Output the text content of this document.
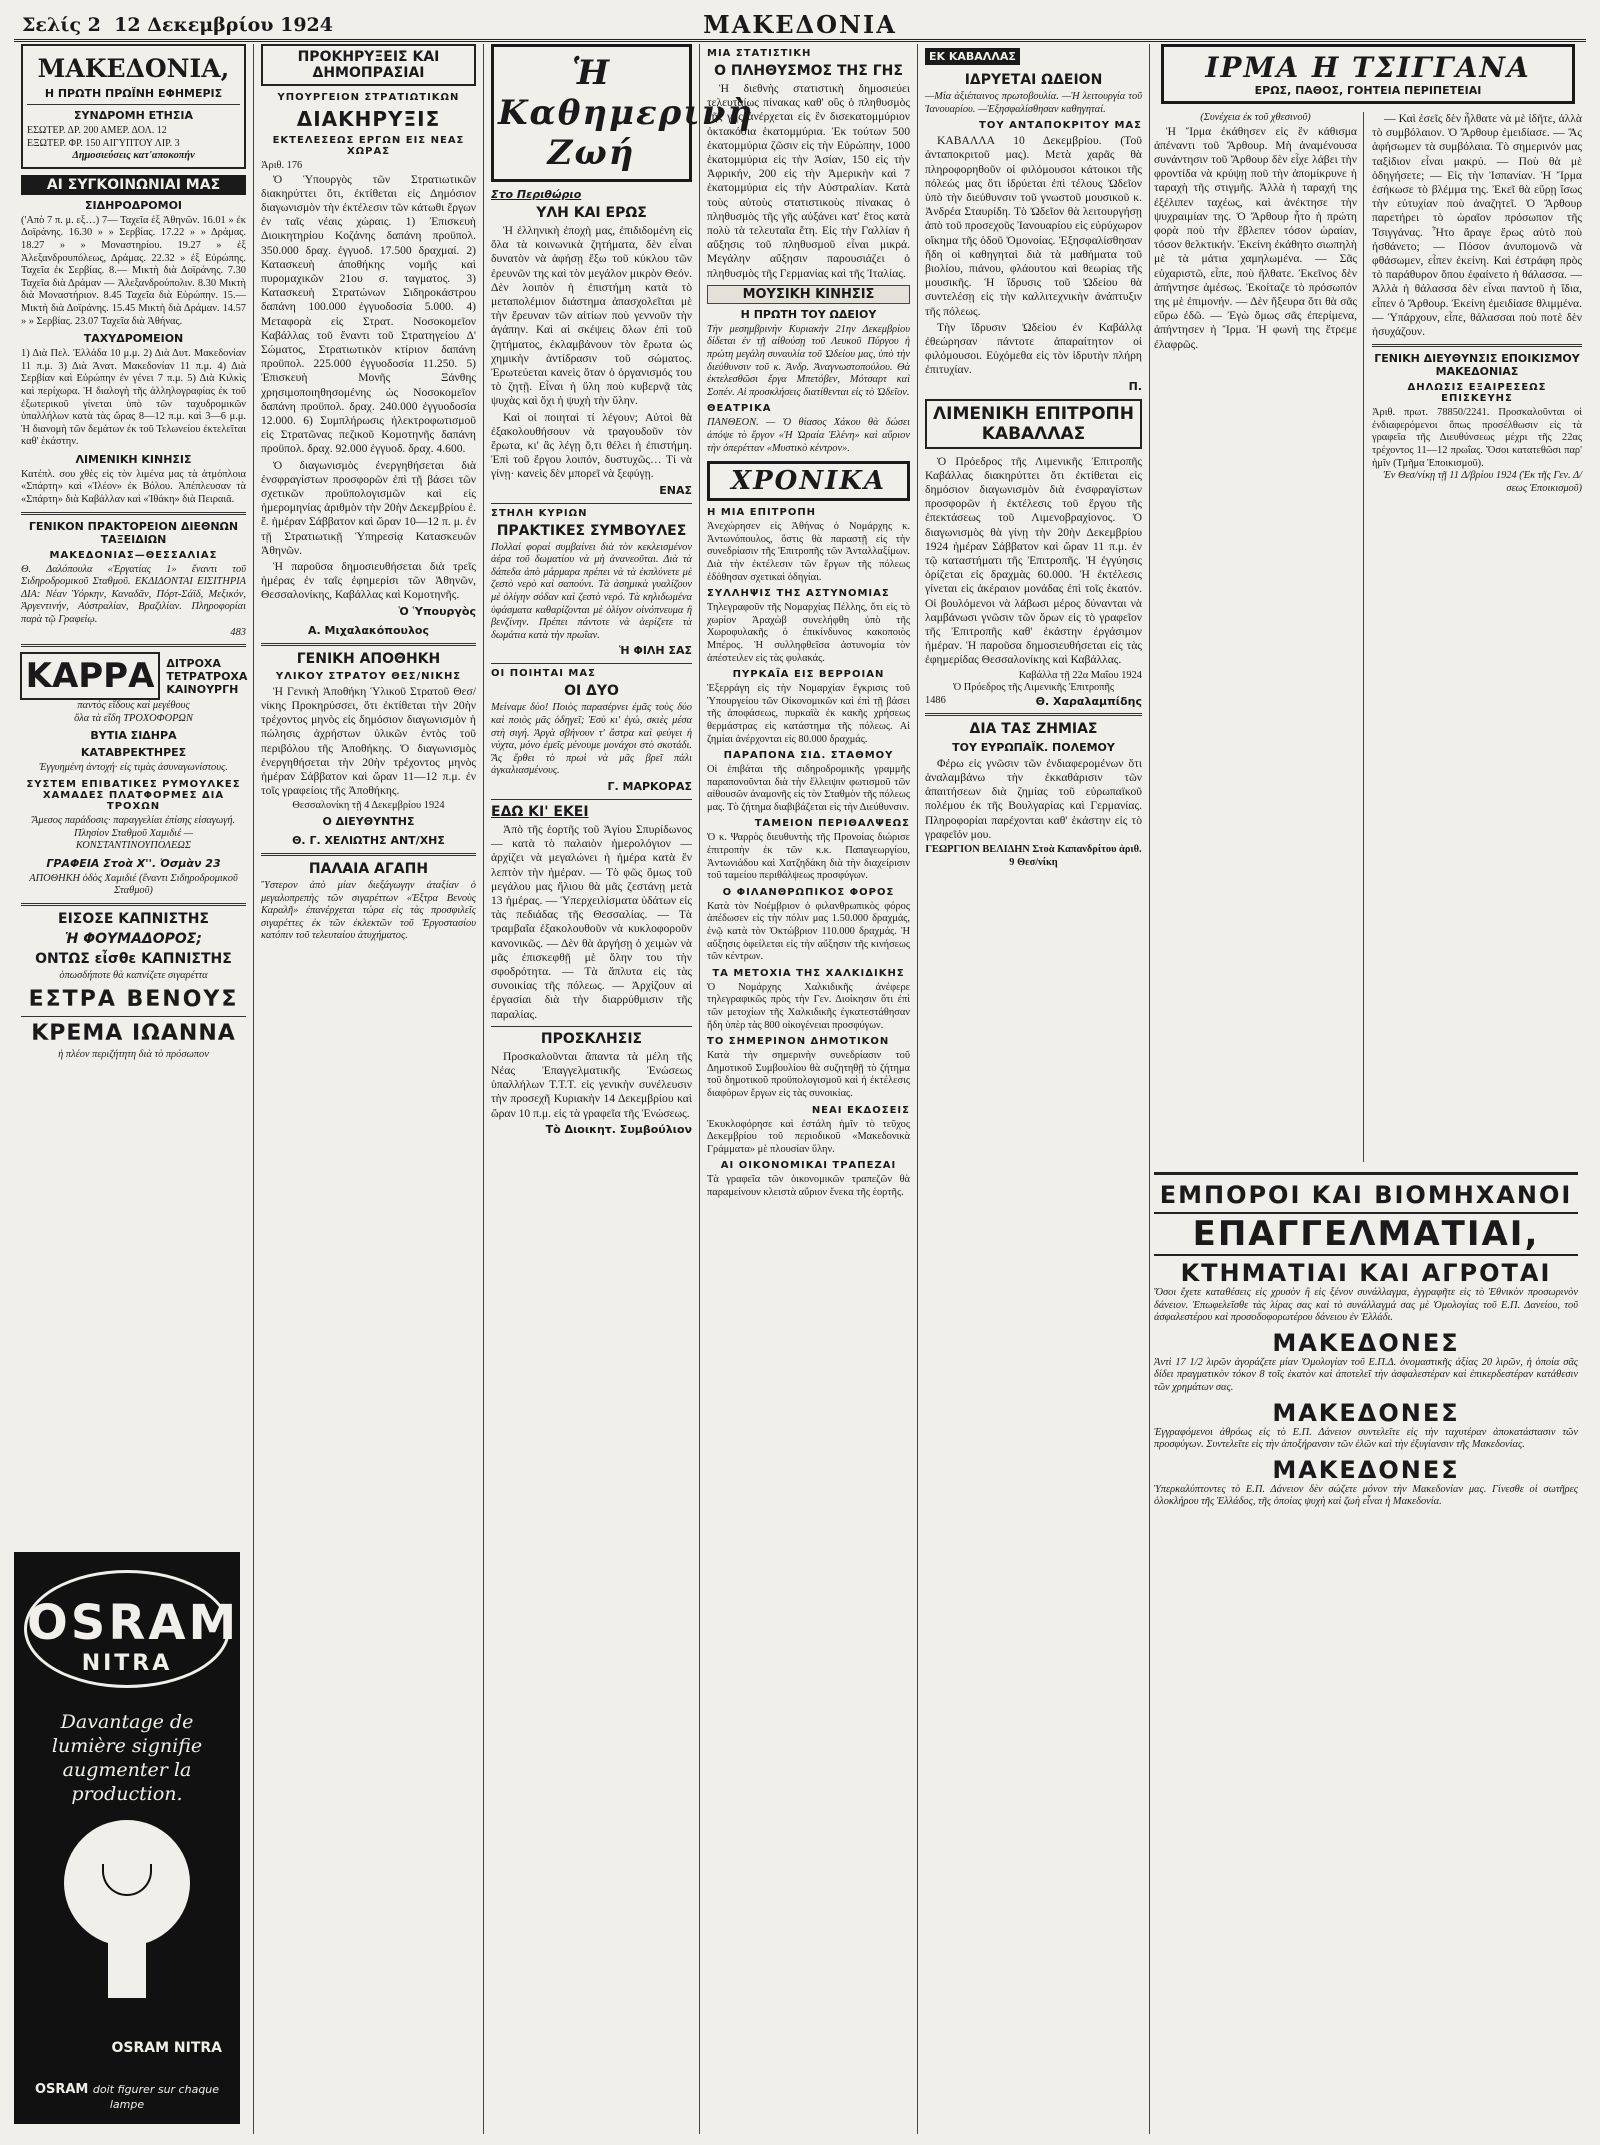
Σελίς 2 12 Δεκεμβρίου 1924	ΜΑΚΕΔΟΝΙΑ
ΜΑΚΕΔΟΝΙΑ,
Η ΠΡΩΤΗ ΠΡΩΪΝΗ ΕΦΗΜΕΡΙΣ
ΣΥΝΔΡΟΜΗ ΕΤΗΣΙΑ
ΕΣΩΤΕΡ. ΔΡ. 200 ΑΜΕΡ. ΔΟΛ. 12
ΕΞΩΤΕΡ. ΦΡ. 150 ΑΙΓΥΠΤΟΥ ΛΙΡ. 3
Δημοσιεύσεις κατ'αποκοπήν
ΑΙ ΣΥΓΚΟΙΝΩΝΙΑΙ ΜΑΣ
ΣΙΔΗΡΟΔΡΟΜΟΙ
('Απὸ 7 π. μ. εξ…) 7— Ταχεῖα ἐξ Ἀθηνῶν. 16.01 » ἐκ Δοϊράνης. 16.30 » » Σερβίας. 17.22 » » Δράμας. 18.27 » » Μοναστηρίου. 19.27 » ἐξ Ἀλεξανδρουπόλεως, Δράμας. 22.32 » ἐξ Εὐρώπης. Ταχεῖα ἐκ Σερβίας. 8.— Μικτὴ διὰ Δοϊράνης. 7.30 Ταχεῖα διὰ Δράμαν — Ἀλεξανδρούπολιν. 8.30 Μικτὴ διὰ Μοναστήριον. 8.45 Ταχεῖα διὰ Εὐρώπην. 15.— Μικτὴ διὰ Δοϊράνης. 15.45 Μικτὴ διὰ Δράμαν. 14.57 » » Σερβίας. 23.07 Ταχεῖα διὰ Ἀθήνας.
ΤΑΧΥΔΡΟΜΕΙΟΝ
1) Διὰ Πελ. Ἑλλάδα 10 μ.μ. 2) Διὰ Δυτ. Μακεδονίαν 11 π.μ. 3) Διὰ Ἀνατ. Μακεδονίαν 11 π.μ. 4) Διὰ Σερβίαν καὶ Εὐρώπην ἐν γένει 7 π.μ. 5) Διὰ Κιλκὶς καὶ περίχωρα. Ἡ διαλογὴ τῆς ἀλληλογραφίας ἐκ τοῦ ἐξωτερικοῦ γίνεται ὑπὸ τῶν ταχυδρομικῶν ὑπαλλήλων κατὰ τὰς ὥρας 8—12 π.μ. καὶ 3—6 μ.μ. Ἡ διανομὴ τῶν δεμάτων ἐκ τοῦ Τελωνείου ἐκτελεῖται καθ' ἑκάστην.
ΛΙΜΕΝΙΚΗ ΚΙΝΗΣΙΣ
Κατέπλ. σου χθὲς εἰς τὸν λιμένα μας τὰ ἀτμόπλοια «Σπάρτη» καὶ «Ἰλέον» ἐκ Βόλου. Ἀπέπλευσαν τὰ «Σπάρτη» διὰ Καβάλλαν καὶ «Ἰθάκη» διὰ Πειραιᾶ.
ΓΕΝΙΚΟΝ ΠΡΑΚΤΟΡΕΙΟΝ ΔΙΕΘΝΩΝ ΤΑΞΕΙΔΙΩΝ
ΜΑΚΕΔΟΝΙΑΣ—ΘΕΣΣΑΛΙΑΣ
Θ. Δαλόπουλα «Ἐργατίας 1» ἔναντι τοῦ Σιδηροδρομικοῦ Σταθμοῦ. ΕΚΔΙΔΟΝΤΑΙ ΕΙΣΙΤΗΡΙΑ ΔΙΑ: Νέαν Ὑόρκην, Καναδᾶν, Πόρτ-Σάϊδ, Μεξικόν, Ἀργεντινήν, Αὐστραλίαν, Βραζιλίαν. Πληροφορίαι παρὰ τῷ Γραφείῳ.
483
ΚΑΡΡΑ	ΔΙΤΡΟΧΑ
ΤΕΤΡΑΤΡΟΧΑ
ΚΑΙΝΟΥΡΓΗ
παντὸς εἴδους καὶ μεγέθους
ὅλα τὰ εἴδη ΤΡΟΧΟΦΟΡΩΝ
ΒΥΤΙΑ ΣΙΔΗΡΑ
ΚΑΤΑΒΡΕΚΤΗΡΕΣ
Ἐγγυημένη ἀντοχή· εἰς τιμὰς ἀσυναγωνίστους.
ΣΥΣΤΕΜ ΕΠΙΒΑΤΙΚΕΣ ΡΥΜΟΥΛΚΕΣ ΧΑΜΑΔΕΣ ΠΛΑΤΦΟΡΜΕΣ ΔΙΑ ΤΡΟΧΩΝ
Ἄμεσος παράδοσις· παραγγελίαι ἐπίσης εἰσαγωγή.
Πλησίον Σταθμοῦ Χαμιδιέ — ΚΟΝΣΤΑΝΤΙΝΟΥΠΟΛΕΩΣ
ΓΡΑΦΕΙΑ Στοὰ Χ''. Ὀσμὰν 23
ΑΠΟΘΗΚΗ ὁδὸς Χαμιδιέ (ἔναντι Σιδηροδρομικοῦ Σταθμοῦ)
ΕΙΣΟΣΕ ΚΑΠΝΙΣΤΗΣ
Ἡ ΦΟΥΜΑΔΟΡΟΣ;
ΟΝΤΩΣ εἶσθε ΚΑΠΝΙΣΤΗΣ
ὁπωσδήποτε θὰ καπνίζετε σιγαρέττα
ΕΣΤΡΑ ΒΕΝΟΥΣ
ΚΡΕΜΑ ΙΩΑΝΝΑ
ἡ πλέον περιζήτητη διὰ τὸ πρόσωπον
OSRAM
NITRA
Davantage de lumière signifie augmenter la production.
OSRAM NITRA
OSRAM doit figurer sur chaque lampe
ΠΡΟΚΗΡΥΞΕΙΣ ΚΑΙ ΔΗΜΟΠΡΑΣΙΑΙ
ΥΠΟΥΡΓΕΙΟΝ ΣΤΡΑΤΙΩΤΙΚΩΝ
ΔΙΑΚΗΡΥΞΙΣ
ΕΚΤΕΛΕΣΕΩΣ ΕΡΓΩΝ ΕΙΣ ΝΕΑΣ ΧΩΡΑΣ
Ἀριθ. 176

Ὁ Ὑπουργὸς τῶν Στρατιωτικῶν διακηρύττει ὅτι, ἐκτίθεται εἰς Δημόσιον διαγωνισμὸν τὴν ἐκτέλεσιν τῶν κάτωθι ἔργων ἐν ταῖς νέαις χώραις. 1) Ἐπισκευὴ Διοικητηρίου Κοζάνης δαπάνη προϋπολ. 350.000 δραχ. ἐγγυοδ. 17.500 δραχμαί. 2) Κατασκευὴ ἀποθήκης νομῆς καὶ πυρομαχικῶν 21ου σ. ταγματος. 3) Κατασκευὴ Στρατώνων Σιδηροκάστρου δαπάνη 100.000 ἐγγυοδοσία 5.000. 4) Μεταφορὰ εἰς Στρατ. Νοσοκομεῖον Καβάλλας τοῦ ἔναντι τοῦ Στρατηγείου Δ' Σώματος, Στρατιωτικὸν κτίριον δαπάνη προϋπολ. 225.000 ἐγγυοδοσία 11.250. 5) Ἐπισκευὴ Μονῆς Ξάνθης χρησιμοποιηθησομένης ὡς Νοσοκομεῖον δαπάνη προϋπολ. δραχ. 240.000 ἐγγυοδοσία 12.000. 6) Συμπλήρωσις ἠλεκτροφωτισμοῦ εἰς Στρατῶνας πεζικοῦ Κομοτηνῆς δαπάνη προϋπολ. δραχ. 92.000 ἐγγυοδ. δραχ. 4.600.

Ὁ διαγωνισμὸς ἐνεργηθήσεται διὰ ἐνσφραγίστων προσφορῶν ἐπὶ τῇ βάσει τῶν σχετικῶν προϋπολογισμῶν καὶ εἰς ἡμερομηνίας ἀριθμὸν τὴν 20ὴν Δεκεμβρίου ἐ. ἔ. ἡμέραν Σάββατον καὶ ὥραν 10—12 π. μ. ἐν τῇ Στρατιωτικῇ Ὑπηρεσίᾳ Κατασκευῶν Ἀθηνῶν.

Ἡ παροῦσα δημοσιευθήσεται διὰ τρεῖς ἡμέρας ἐν ταῖς ἐφημερίσι τῶν Ἀθηνῶν, Θεσσαλονίκης, Καβάλλας καὶ Κομοτηνῆς.

Ὁ Ὑπουργὸς
Α. Μιχαλακόπουλος
ΓΕΝΙΚΗ ΑΠΟΘΗΚΗ
ΥΛΙΚΟΥ ΣΤΡΑΤΟΥ ΘΕΣ/ΝΙΚΗΣ

Ἡ Γενικὴ Ἀποθήκη Ὑλικοῦ Στρατοῦ Θεσ/νίκης Προκηρύσσει, ὅτι ἐκτίθεται τὴν 20ὴν τρέχοντος μηνὸς εἰς δημόσιον διαγωνισμὸν ἡ πώλησις ἀχρήστων ὑλικῶν ἐντὸς τοῦ περιβόλου τῆς Ἀποθήκης. Ὁ διαγωνισμὸς ἐνεργηθήσεται τὴν 20ὴν τρέχοντος μηνὸς ἡμέραν Σάββατον καὶ ὥραν 11—12 π.μ. ἐν τοῖς γραφείοις τῆς Ἀποθήκης.

Θεσσαλονίκη τῇ 4 Δεκεμβρίου 1924
Ο ΔΙΕΥΘΥΝΤΗΣ
Θ. Γ. ΧΕΛΙΩΤΗΣ ΑΝΤ/ΧΗΣ
ΠΑΛΑΙΑ ΑΓΑΠΗ
Ὕστερον ἀπὸ μίαν διεξάγωγην ἀταξίαν ὁ μεγαλοπρεπὴς τῶν σιγαρέττων «Ἐξτρα Βενοὺς Καραλῆ» ἐπανέρχεται τώρα εἰς τὰς προσφιλεῖς σιγαρέττες ἐκ τῶν ἐκλεκτῶν τοῦ Ἐργοστασίου κατόπιν τοῦ τελευταίου ἀτυχήματος.
Ἡ Καθημερινὴ Ζωή
Στο Περιθώριο
ΥΛΗ ΚΑΙ ΕΡΩΣ

Ἡ ἐλληνικὴ ἐποχὴ μας, ἐπιδιδομένη εἰς ὅλα τὰ κοινωνικὰ ζητήματα, δὲν εἶναι δυνατὸν νὰ ἀφήσῃ ἔξω τοῦ κύκλου τῶν ἐρευνῶν της καὶ τὸν μεγάλον μικρὸν Θεόν. Δὲν λοιπὸν ἡ ἐπιστήμη κατὰ τὸ μεταπολέμιον διάστημα ἀπασχολεῖται μὲ τὴν ἔρευναν τῶν αἰτίων ποὺ γεννοῦν τὴν ἀγάπην. Καὶ αἱ σκέψεις ὅλων ἐπὶ τοῦ ζητήματος, ἐκλαμβάνουν τὸν ἔρωτα ὡς χημικὴν ἀντίδρασιν τοῦ σώματος. Ἐρωτεύεται κανεὶς ὅταν ὁ ὀργανισμός του τὸ ζητῇ. Εἶναι ἡ ὕλη ποὺ κυβερνᾷ τὰς ψυχὰς καὶ ὄχι ἡ ψυχὴ τὴν ὕλην.

Καὶ οἱ ποιηταὶ τί λέγουν; Αὐτοὶ θὰ ἐξακολουθήσουν νὰ τραγουδοῦν τὸν ἔρωτα, κι' ἂς λέγῃ ὅ,τι θέλει ἡ ἐπιστήμη. Ἐπὶ τοῦ ἔργου λοιπόν, δυστυχῶς… Τί νὰ γίνῃ· κανεὶς δὲν μπορεῖ νὰ ξεφύγῃ.

ΕΝΑΣ
ΣΤΗΛΗ ΚΥΡΙΩΝ
ΠΡΑΚΤΙΚΕΣ ΣΥΜΒΟΥΛΕΣ
Πολλαί φοραί συμβαίνει διὰ τὸν κεκλεισμένον ἀέρα τοῦ δωματίου νὰ μὴ ἀνανεοῦται. Διὰ τὰ δάπεδα ἀπὸ μάρμαρα πρέπει νὰ τὰ ἐκπλύνετε μὲ ζεστὸ νερὸ καὶ σαπούνι. Τὰ ἀσημικὰ γυαλίζουν μὲ ὀλίγην σόδαν καὶ ζεστὸ νερό. Τὰ κηλιδωμένα ὑφάσματα καθαρίζονται μὲ ὀλίγον οἰνόπνευμα ἢ βενζίνην. Πρέπει πάντοτε νὰ ἀερίζετε τὰ δωμάτια κατὰ τὴν πρωΐαν.
Ἡ ΦΙΛΗ ΣΑΣ
ΟΙ ΠΟΙΗΤΑΙ ΜΑΣ
ΟΙ ΔΥΟ
Μείναμε δύο! Ποιὸς παρασέρνει ἐμᾶς τοὺς δύο καὶ ποιὸς μᾶς ὁδηγεῖ; Ἐσὺ κι' ἐγώ, σκιὲς μέσα στὴ σιγή. Ἀργὰ σβήνουν τ' ἄστρα καὶ φεύγει ἡ νύχτα, μόνο ἐμεῖς μένουμε μονάχοι στὸ σκοτάδι. Ἂς ἔρθει τὸ πρωὶ νὰ μᾶς βρεῖ πάλι ἀγκαλιασμένους.
Γ. ΜΑΡΚΟΡΑΣ
ΕΔΩ ΚΙ' ΕΚΕΙ

Ἀπὸ τῆς ἑορτῆς τοῦ Ἁγίου Σπυρίδωνος — κατὰ τὸ παλαιὸν ἡμερολόγιον — ἀρχίζει νὰ μεγαλώνει ἡ ἡμέρα κατὰ ἓν λεπτὸν τὴν ἡμέραν. — Τὸ φῶς ὅμως τοῦ μεγάλου μας ἥλιου θὰ μᾶς ζεστάνῃ μετὰ 13 ἡμέρας. — Ὑπερχειλίσματα ὑδάτων εἰς τὰς πεδιάδας τῆς Θεσσαλίας. — Τὰ τραμβαΐα ἐξακολουθοῦν νὰ κυκλοφοροῦν κανονικῶς. — Δὲν θὰ ἀργήσῃ ὁ χειμὼν νὰ μᾶς ἐπισκεφθῇ μὲ ὅλην του τὴν σφοδρότητα. — Τὰ ἄπλυτα εἰς τὰς συνοικίας τῆς πόλεως. — Ἀρχίζουν αἱ ἐργασίαι διὰ τὴν διαρρύθμισιν τῆς παραλίας.

ΠΡΟΣΚΛΗΣΙΣ

Προσκαλοῦνται ἅπαντα τὰ μέλη τῆς Νέας Ἐπαγγελματικῆς Ἑνώσεως ὑπαλλήλων Τ.Τ.Τ. εἰς γενικὴν συνέλευσιν τὴν προσεχῆ Κυριακὴν 14 Δεκεμβρίου καὶ ὥραν 10 π.μ. εἰς τὰ γραφεῖα τῆς Ἑνώσεως.

Τὸ Διοικητ. Συμβούλιον
ΜΙΑ ΣΤΑΤΙΣΤΙΚΗ
Ο ΠΛΗΘΥΣΜΟΣ ΤΗΣ ΓΗΣ

Ἡ διεθνὴς στατιστικὴ δημοσιεύει τελευταίως πίνακας καθ' οὓς ὁ πληθυσμὸς τῆς γῆς ἀνέρχεται εἰς ἓν δισεκατομμύριον ὀκτακόσια ἑκατομμύρια. Ἐκ τούτων 500 ἑκατομμύρια ζῶσιν εἰς τὴν Εὐρώπην, 1000 ἑκατομμύρια εἰς τὴν Ἀσίαν, 150 εἰς τὴν Ἀφρικήν, 200 εἰς τὴν Ἀμερικὴν καὶ 7 ἑκατομμύρια εἰς τὴν Αὐστραλίαν. Κατὰ τοὺς αὐτοὺς στατιστικοὺς πίνακας ὁ πληθυσμὸς τῆς γῆς αὐξάνει κατ' ἔτος κατὰ πολὺ τὰ τελευταῖα ἔτη. Εἰς τὴν Γαλλίαν ἡ αὔξησις τοῦ πληθυσμοῦ εἶναι μικρά. Μεγάλην αὔξησιν παρουσιάζει ὁ πληθυσμὸς τῆς Γερμανίας καὶ τῆς Ἰταλίας.

ΜΟΥΣΙΚΗ ΚΙΝΗΣΙΣ
Η ΠΡΩΤΗ ΤΟΥ ΩΔΕΙΟΥ
Τὴν μεσημβρινὴν Κυριακὴν 21ην Δεκεμβρίου δίδεται ἐν τῇ αἰθούσῃ τοῦ Λευκοῦ Πύργου ἡ πρώτη μεγάλη συναυλία τοῦ Ὠδείου μας, ὑπὸ τὴν διεύθυνσιν τοῦ κ. Ἀνδρ. Ἀναγνωστοπούλου. Θὰ ἐκτελεσθῶσι ἔργα Μπετόβεν, Μότσαρτ καὶ Σοπέν. Αἱ προσκλήσεις διατίθενται εἰς τὸ Ὠδεῖον.
ΘΕΑΤΡΙΚΑ
ΠΑΝΘΕΟΝ. — Ὁ θίασος Χάκου θὰ δώσει ἀπόψε τὸ ἔργον «Ἡ Ὡραία Ἑλένη» καὶ αὔριον τὴν ὀπερέτταν «Μυστικὸ κέντρον».
ΧΡΟΝΙΚΑ
Η ΜΙΑ ΕΠΙΤΡΟΠΗ
Ἀνεχώρησεν εἰς Ἀθήνας ὁ Νομάρχης κ. Ἀντωνόπουλος, ὅστις θὰ παραστῇ εἰς τὴν συνεδρίασιν τῆς Ἐπιτροπῆς τῶν Ἀνταλλαξίμων. Διὰ τὴν ἐκτέλεσιν τῶν ἔργων τῆς πόλεως ἐδόθησαν σχετικαὶ ὁδηγίαι.
ΣΥΛΛΗΨΙΣ ΤΗΣ ΑΣΤΥΝΟΜΙΑΣ
Τηλεγραφοῦν τῆς Νομαρχίας Πέλλης, ὅτι εἰς τὸ χωρίον Ἀραχὼβ συνελήφθη ὑπὸ τῆς Χωροφυλακῆς ὁ ἐπικίνδυνος κακοποιὸς Μπέρος. Ἡ συλληφθεῖσα ἀστυνομία τὸν ἀπέστειλεν εἰς τὰς φυλακάς.
ΠΥΡΚΑΪΑ ΕΙΣ ΒΕΡΡΟΙΑΝ
Ἐξερράγη εἰς τὴν Νομαρχίαν ἔγκρισις τοῦ Ὑπουργείου τῶν Οἰκονομικῶν καὶ ἐπὶ τῇ βάσει τῆς ἀποφάσεως, πυρκαϊὰ ἐκ κακῆς χρήσεως θερμάστρας εἰς κατάστημα τῆς πόλεως. Αἱ ζημίαι ἀνέρχονται εἰς 80.000 δραχμάς.
ΠΑΡΑΠΟΝΑ ΣΙΔ. ΣΤΑΘΜΟΥ
Οἱ ἐπιβάται τῆς σιδηροδρομικῆς γραμμῆς παραπονοῦνται διὰ τὴν ἔλλειψιν φωτισμοῦ τῶν αἰθουσῶν ἀναμονῆς εἰς τὸν Σταθμὸν τῆς πόλεως μας. Τὸ ζήτημα διαβιβάζεται εἰς τὴν Διεύθυνσιν.
ΤΑΜΕΙΟΝ ΠΕΡΙΘΑΛΨΕΩΣ
Ὁ κ. Ψαρρὸς διευθυντὴς τῆς Προνοίας διώρισε ἐπιτροπὴν ἐκ τῶν κ.κ. Παπαγεωργίου, Ἀντωνιάδου καὶ Χατζηδάκη διὰ τὴν διαχείρισιν τοῦ ταμείου περιθάλψεως προσφύγων.
Ο ΦΙΛΑΝΘΡΩΠΙΚΟΣ ΦΟΡΟΣ
Κατὰ τὸν Νοέμβριον ὁ φιλανθρωπικὸς φόρος ἀπέδωσεν εἰς τὴν πόλιν μας 1.50.000 δραχμάς, ἐνῷ κατὰ τὸν Ὀκτώβριον 110.000 δραχμάς. Ἡ αὔξησις ὀφείλεται εἰς τὴν αὔξησιν τῆς κινήσεως τῶν κέντρων.
ΤΑ ΜΕΤΟΧΙΑ ΤΗΣ ΧΑΛΚΙΔΙΚΗΣ
Ὁ Νομάρχης Χαλκιδικῆς ἀνέφερε τηλεγραφικῶς πρὸς τὴν Γεν. Διοίκησιν ὅτι ἐπὶ τῶν μετοχίων τῆς Χαλκιδικῆς ἐγκατεστάθησαν ἤδη ὑπὲρ τὰς 800 οἰκογένειαι προσφύγων.
ΤΟ ΣΗΜΕΡΙΝΟΝ ΔΗΜΟΤΙΚΟΝ
Κατὰ τὴν σημερινὴν συνεδρίασιν τοῦ Δημοτικοῦ Συμβουλίου θὰ συζητηθῇ τὸ ζήτημα τοῦ δημοτικοῦ προϋπολογισμοῦ καὶ ἡ ἐκτέλεσις διαφόρων ἔργων εἰς τὰς συνοικίας.
ΝΕΑΙ ΕΚΔΟΣΕΙΣ
Ἐκυκλοφόρησε καὶ ἐστάλη ἡμῖν τὸ τεῦχος Δεκεμβρίου τοῦ περιοδικοῦ «Μακεδονικὰ Γράμματα» μὲ πλουσίαν ὕλην.
ΑΙ ΟΙΚΟΝΟΜΙΚΑΙ ΤΡΑΠΕΖΑΙ
Τὰ γραφεῖα τῶν ὀικονομικῶν τραπεζῶν θὰ παραμείνουν κλειστὰ αὔριον ἕνεκα τῆς ἑορτῆς.
ΕΚ ΚΑΒΑΛΛΑΣ
ΙΔΡΥΕΤΑΙ ΩΔΕΙΟΝ
—Μία ἀξιέπαινος πρωτοβουλία. —Ἡ λειτουργία τοῦ Ἰανουαρίου. —Ἐξησφαλίσθησαν καθηγηταί.
ΤΟΥ ΑΝΤΑΠΟΚΡΙΤΟΥ ΜΑΣ

ΚΑΒΑΛΛΑ 10 Δεκεμβρίου. (Τοῦ ἀνταποκριτοῦ μας). Μετὰ χαρᾶς θὰ πληροφορηθοῦν οἱ φιλόμουσοι κάτοικοι τῆς πόλεώς μας ὅτι ἱδρύεται ἐπὶ τέλους Ὠδεῖον ὑπὸ τὴν διεύθυνσιν τοῦ γνωστοῦ μουσικοῦ κ. Ἀνδρέα Σταυρίδη. Τὸ Ὠδεῖον θὰ λειτουργήσῃ ἀπὸ τοῦ προσεχοῦς Ἰανουαρίου εἰς εὐρύχωρον οἴκημα τῆς ὁδοῦ Ὁμονοίας. Ἐξησφαλίσθησαν ἤδη οἱ καθηγηταὶ διὰ τὰ μαθήματα τοῦ βιολίου, πιάνου, φλάουτου καὶ θεωρίας τῆς μουσικῆς. Ἡ ἵδρυσις τοῦ Ὠδείου θὰ συντελέσῃ εἰς τὴν καλλιτεχνικὴν ἀνάπτυξιν τῆς πόλεως.

Τὴν ἵδρυσιν Ὠδείου ἐν Καβάλλᾳ ἐθεώρησαν πάντοτε ἀπαραίτητον οἱ φιλόμουσοι. Εὐχόμεθα εἰς τὸν ἱδρυτὴν πλήρη ἐπιτυχίαν.

Π.
ΛΙΜΕΝΙΚΗ ΕΠΙΤΡΟΠΗ ΚΑΒΑΛΛΑΣ

Ὁ Πρόεδρος τῆς Λιμενικῆς Ἐπιτροπῆς Καβάλλας διακηρύττει ὅτι ἐκτίθεται εἰς δημόσιον διαγωνισμὸν διὰ ἐνσφραγίστων προσφορῶν ἡ ἐκτέλεσις τοῦ ἔργου τῆς ἐπεκτάσεως τοῦ Λιμενοβραχίονος. Ὁ διαγωνισμὸς θὰ γίνῃ τὴν 20ὴν Δεκεμβρίου 1924 ἡμέραν Σάββατον καὶ ὥραν 11 π.μ. ἐν τῷ καταστήματι τῆς Ἐπιτροπῆς. Ἡ ἐγγύησις ὁρίζεται εἰς δραχμὰς 60.000. Ἡ ἐκτέλεσις γίνεται εἰς ἀκέραιον μονάδας ἐπὶ τοῖς ἑκατόν. Οἱ βουλόμενοι νὰ λάβωσι μέρος δύνανται νὰ λαμβάνωσι γνῶσιν τῶν ὅρων εἰς τὸ γραφεῖον τῆς Ἐπιτροπῆς καθ' ἑκάστην ἐργάσιμον ἡμέραν. Ἡ παροῦσα δημοσιευθήσεται εἰς τὰς ἐφημερίδας Θεσσαλονίκης καὶ Καβάλλας.

Καβάλλα τῇ 22α Μαΐου 1924
Ὁ Πρόεδρος τῆς Λιμενικῆς Ἐπιτροπῆς
1486	Θ. Χαραλαμπίδης
ΔΙΑ ΤΑΣ ΖΗΜΙΑΣ
ΤΟΥ ΕΥΡΩΠΑΪΚ. ΠΟΛΕΜΟΥ

Φέρω εἰς γνῶσιν τῶν ἐνδιαφερομένων ὅτι ἀναλαμβάνω τὴν ἐκκαθάρισιν τῶν ἀπαιτήσεων διὰ ζημίας τοῦ εὐρωπαϊκοῦ πολέμου ἐκ τῆς Βουλγαρίας καὶ Γερμανίας. Πληροφορίαι παρέχονται καθ' ἑκάστην εἰς τὸ γραφεῖόν μου.

ΓΕΩΡΓΙΟΝ ΒΕΛΙΔΗΝ Στοὰ Καπανδρίτου ἀριθ. 9 Θεσ/νίκη
ΙΡΜΑ Η ΤΣΙΓΓΑΝΑ
ΕΡΩΣ, ΠΑΘΟΣ, ΓΟΗΤΕΙΑ ΠΕΡΙΠΕΤΕΙΑΙ
(Συνέχεια ἐκ τοῦ χθεσινοῦ)

Ἡ Ἴρμα ἐκάθησεν εἰς ἓν κάθισμα ἀπέναντι τοῦ Ἄρθουρ. Μὴ ἀναμένουσα συνάντησιν τοῦ Ἄρθουρ δὲν εἶχε λάβει τὴν φροντίδα νὰ κρύψῃ ποῦ τὴν ἀπομίκρυνε ἡ ταραχὴ τῆς στιγμῆς. Ἀλλὰ ἡ ταραχή της ἐξέλιπεν ταχέως, καὶ ἀνέκτησε τὴν ψυχραιμίαν της. Ὁ Ἄρθουρ ἦτο ἡ πρώτη φορὰ ποὺ τὴν ἔβλεπεν τόσον ὡραίαν, τόσον θελκτικήν. Ἐκείνη ἐκάθητο σιωπηλὴ μὲ τὰ μάτια χαμηλωμένα. — Σᾶς εὐχαριστῶ, εἶπε, ποὺ ἤλθατε. Ἐκεῖνος δὲν ἀπήντησε ἀμέσως. Ἐκοίταζε τὸ πρόσωπόν της μὲ ἐπιμονήν. — Δὲν ἤξευρα ὅτι θὰ σᾶς εὕρω ἐδῶ. — Ἐγὼ ὅμως σᾶς ἐπερίμενα, ἀπήντησεν ἡ Ἴρμα. Ἡ φωνή της ἔτρεμε ἐλαφρῶς.

— Καὶ ἐσεῖς δὲν ἦλθατε νὰ μὲ ἰδῆτε, ἀλλὰ τὸ συμβόλαιον. Ὁ Ἄρθουρ ἐμειδίασε. — Ἂς ἀφήσωμεν τὰ συμβόλαια. Τὸ σημερινόν μας ταξίδιον εἶναι μακρύ. — Ποὺ θὰ μὲ ὁδηγήσετε; — Εἰς τὴν Ἰσπανίαν. Ἡ Ἴρμα ἐσήκωσε τὸ βλέμμα της. Ἐκεῖ θὰ εὕρῃ ἴσως τὴν εὐτυχίαν ποὺ ἀναζητεῖ. Ὁ Ἄρθουρ παρετήρει τὸ ὡραῖον πρόσωπον τῆς Τσιγγάνας. Ἦτο ἄραγε ἔρως αὐτὸ ποὺ ἠσθάνετο; — Πόσον ἀνυπομονῶ νὰ φθάσωμεν, εἶπεν ἐκείνη. Καὶ ἐστράφη πρὸς τὸ παράθυρον ὅπου ἐφαίνετο ἡ θάλασσα. — Ἀλλὰ ἡ θάλασσα δὲν εἶναι παντοῦ ἡ ἴδια, εἶπεν ὁ Ἄρθουρ. Ἐκείνη ἐμειδίασε θλιμμένα. — Ὑπάρχουν, εἶπε, θάλασσαι ποὺ ποτὲ δὲν ἡσυχάζουν.

ΓΕΝΙΚΗ ΔΙΕΥΘΥΝΣΙΣ ΕΠΟΙΚΙΣΜΟΥ ΜΑΚΕΔΟΝΙΑΣ
ΔΗΛΩΣΙΣ ΕΞΑΙΡΕΣΕΩΣ ΕΠΙΣΚΕΥΗΣ
Ἀριθ. πρωτ. 78850/2241. Προσκαλοῦνται οἱ ἐνδιαφερόμενοι ὅπως προσέλθωσιν εἰς τὰ γραφεῖα τῆς Διευθύνσεως μέχρι τῆς 22ας τρέχοντος 11—12 πρωΐας. Ὅσοι κατατεθῶσι παρ' ἡμῖν (Τμῆμα Ἐποικισμοῦ).
Ἐν Θεσ/νίκῃ τῇ 11 Δ/βρίου 1924 (Ἐκ τῆς Γεν. Δ/σεως Ἐποικισμοῦ)
ΕΜΠΟΡΟΙ ΚΑΙ ΒΙΟΜΗΧΑΝΟΙ
ΕΠΑΓΓΕΛΜΑΤΙΑΙ,
ΚΤΗΜΑΤΙΑΙ ΚΑΙ ΑΓΡΟΤΑΙ
Ὅσοι ἔχετε καταθέσεις εἰς χρυσὸν ἢ εἰς ξένον συνάλλαγμα, ἐγγραφῆτε εἰς τὸ Ἐθνικὸν προσωρινὸν δάνειον. Ἐπωφελεῖσθε τὰς λίρας σας καὶ τὸ συνάλλαγμά σας μὲ Ὁμολογίας τοῦ Ε.Π. Δανείου, τοῦ ἀσφαλεστέρου καὶ προσοδοφορωτέρου δάνειου ἐν Ἑλλάδι.
ΜΑΚΕΔΟΝΕΣ
Ἀντὶ 17 1/2 λιρῶν ἀγοράζετε μίαν Ὁμολογίαν τοῦ Ε.Π.Δ. ὀνομαστικῆς ἀξίας 20 λιρῶν, ἡ ὁποία σᾶς δίδει πραγματικὸν τόκον 8 τοῖς ἑκατὸν καὶ ἀποτελεῖ τὴν ἀσφαλεστέραν καὶ ἐπικερδεστέραν κατάθεσιν τῶν χρημάτων σας.
ΜΑΚΕΔΟΝΕΣ
Ἐγγραφόμενοι ἀθρόως εἰς τὸ Ε.Π. Δάνειον συντελεῖτε εἰς τὴν ταχυτέραν ἀποκατάστασιν τῶν προσφύγων. Συντελεῖτε εἰς τὴν ἀποξήρανσιν τῶν ἑλῶν καὶ τὴν ἐξυγίανσιν τῆς Μακεδονίας.
ΜΑΚΕΔΟΝΕΣ
Ὑπερκαλύπτοντες τὸ Ε.Π. Δάνειον δὲν σώζετε μόνον τὴν Μακεδονίαν μας. Γίνεσθε οἱ σωτῆρες ὁλοκλήρου τῆς Ἑλλάδος, τῆς ὁποίας ψυχὴ καὶ ζωὴ εἶναι ἡ Μακεδονία.
